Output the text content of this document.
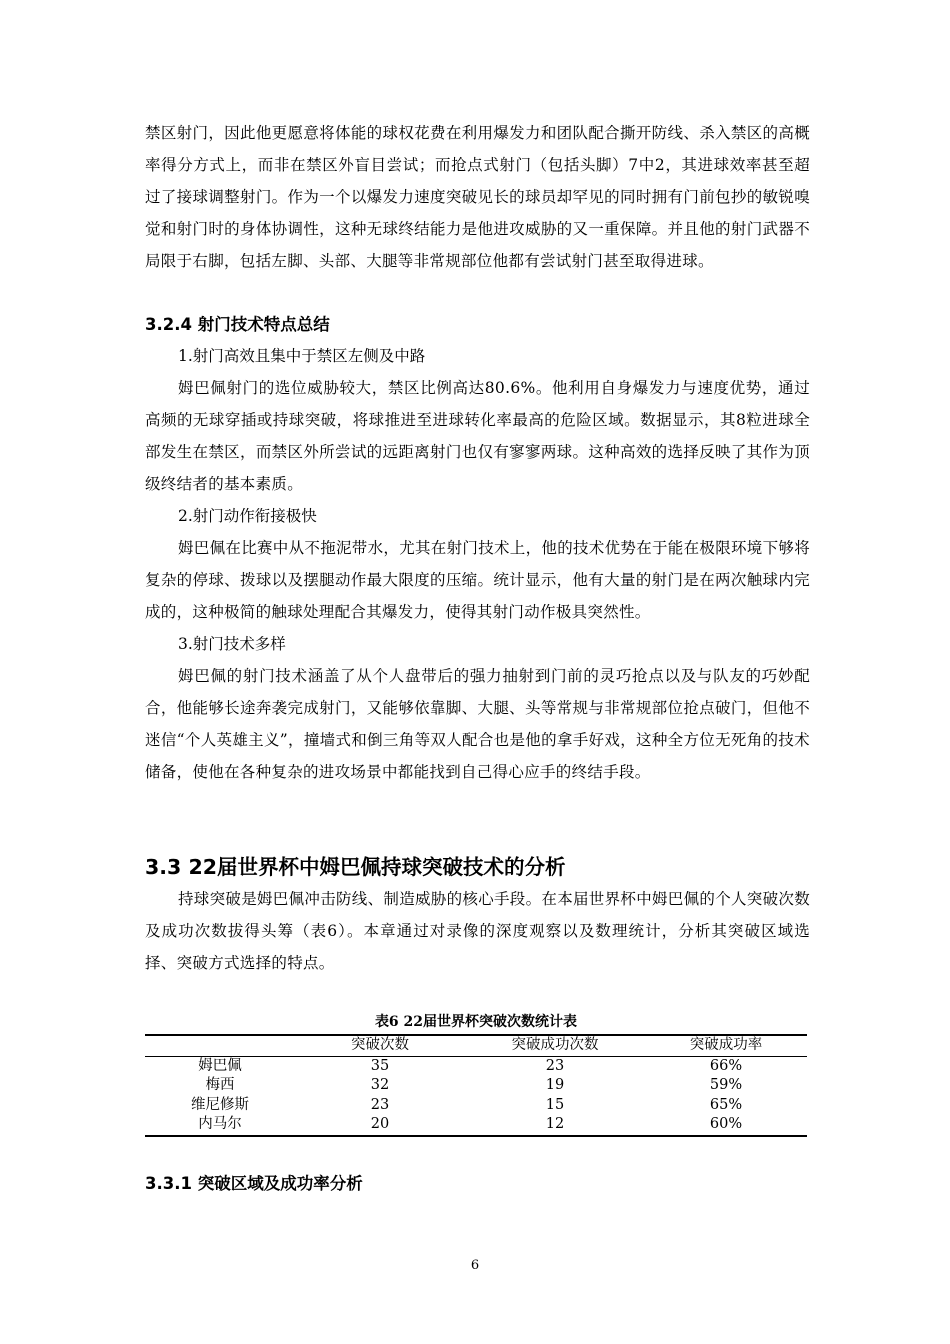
禁区射门，因此他更愿意将体能的球权花费在利用爆发力和团队配合撕开防线、杀入禁区的高概率得分方式上，而非在禁区外盲目尝试；而抢点式射门（包括头脚）7中2，其进球效率甚至超过了接球调整射门。作为一个以爆发力速度突破见长的球员却罕见的同时拥有门前包抄的敏锐嗅觉和射门时的身体协调性，这种无球终结能力是他进攻威胁的又一重保障。并且他的射门武器不局限于右脚，包括左脚、头部、大腿等非常规部位他都有尝试射门甚至取得进球。

3.2.4 射门技术特点总结

1.射门高效且集中于禁区左侧及中路

姆巴佩射门的选位威胁较大，禁区比例高达80.6%。他利用自身爆发力与速度优势，通过高频的无球穿插或持球突破，将球推进至进球转化率最高的危险区域。数据显示，其8粒进球全部发生在禁区，而禁区外所尝试的远距离射门也仅有寥寥两球。这种高效的选择反映了其作为顶级终结者的基本素质。

2.射门动作衔接极快

姆巴佩在比赛中从不拖泥带水，尤其在射门技术上，他的技术优势在于能在极限环境下够将复杂的停球、拨球以及摆腿动作最大限度的压缩。统计显示，他有大量的射门是在两次触球内完成的，这种极简的触球处理配合其爆发力，使得其射门动作极具突然性。

3.射门技术多样

姆巴佩的射门技术涵盖了从个人盘带后的强力抽射到门前的灵巧抢点以及与队友的巧妙配合，他能够长途奔袭完成射门，又能够依靠脚、大腿、头等常规与非常规部位抢点破门，但他不迷信“个人英雄主义”，撞墙式和倒三角等双人配合也是他的拿手好戏，这种全方位无死角的技术储备，使他在各种复杂的进攻场景中都能找到自己得心应手的终结手段。

3.3 22届世界杯中姆巴佩持球突破技术的分析

持球突破是姆巴佩冲击防线、制造威胁的核心手段。在本届世界杯中姆巴佩的个人突破次数及成功次数拔得头筹（表6）。本章通过对录像的深度观察以及数理统计，分析其突破区域选择、突破方式选择的特点。

表6 22届世界杯突破次数统计表

	突破次数	突破成功次数	突破成功率
姆巴佩	35	23	66%
梅西	32	19	59%
维尼修斯	23	15	65%
内马尔	20	12	60%
3.3.1 突破区域及成功率分析

6
